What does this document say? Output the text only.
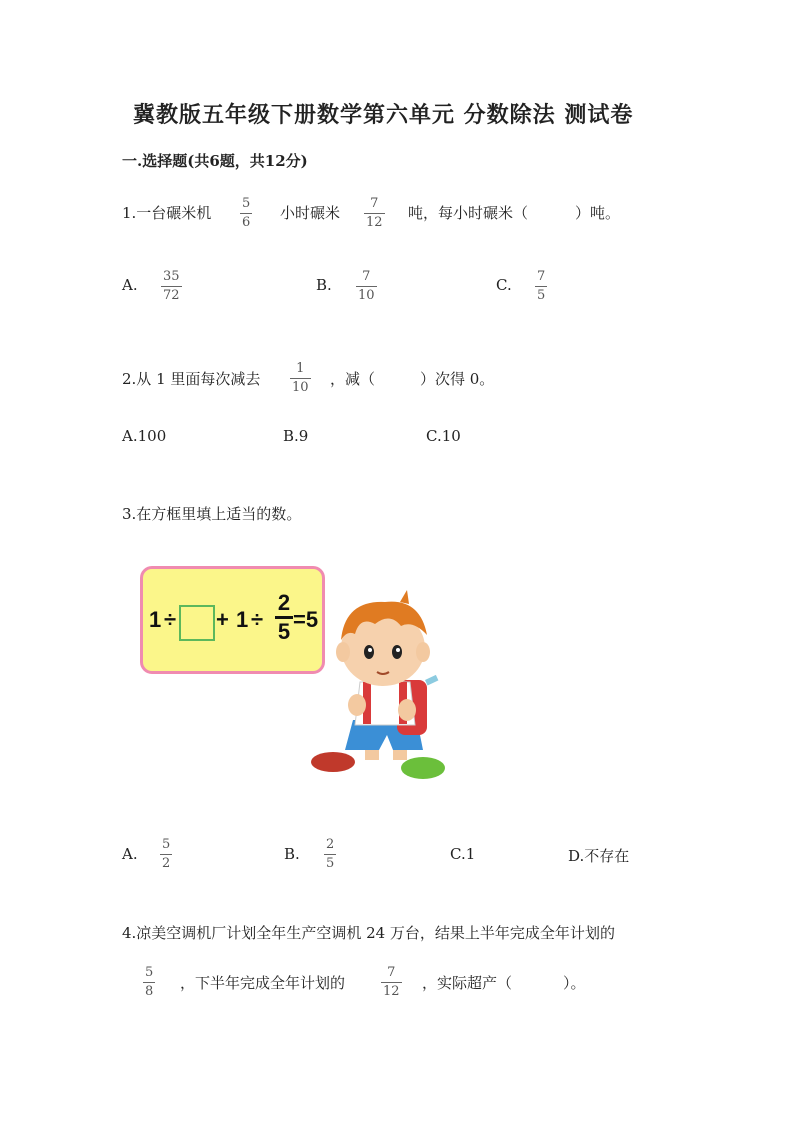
冀教版五年级下册数学第六单元 分数除法 测试卷
一.选择题(共6题，共12分)
1.一台碾米机
5
6
小时碾米
7
12
吨，每小时碾米（	）吨。
A. 35
72
B. 7
10
C. 7
5
2.从 1 里面每次减去
1
10 ，减（	）次得 0。
A.100	B.9	C.10
3.在方框里填上适当的数。
1 ÷ + 1 ÷
2
5 =5
A.
5
2
B.
2
5
C.1	D.不存在
4.凉美空调机厂计划全年生产空调机 24 万台，结果上半年完成全年计划的
5
8 ，下半年完成全年计划的
7
12 ，实际超产（	）。
